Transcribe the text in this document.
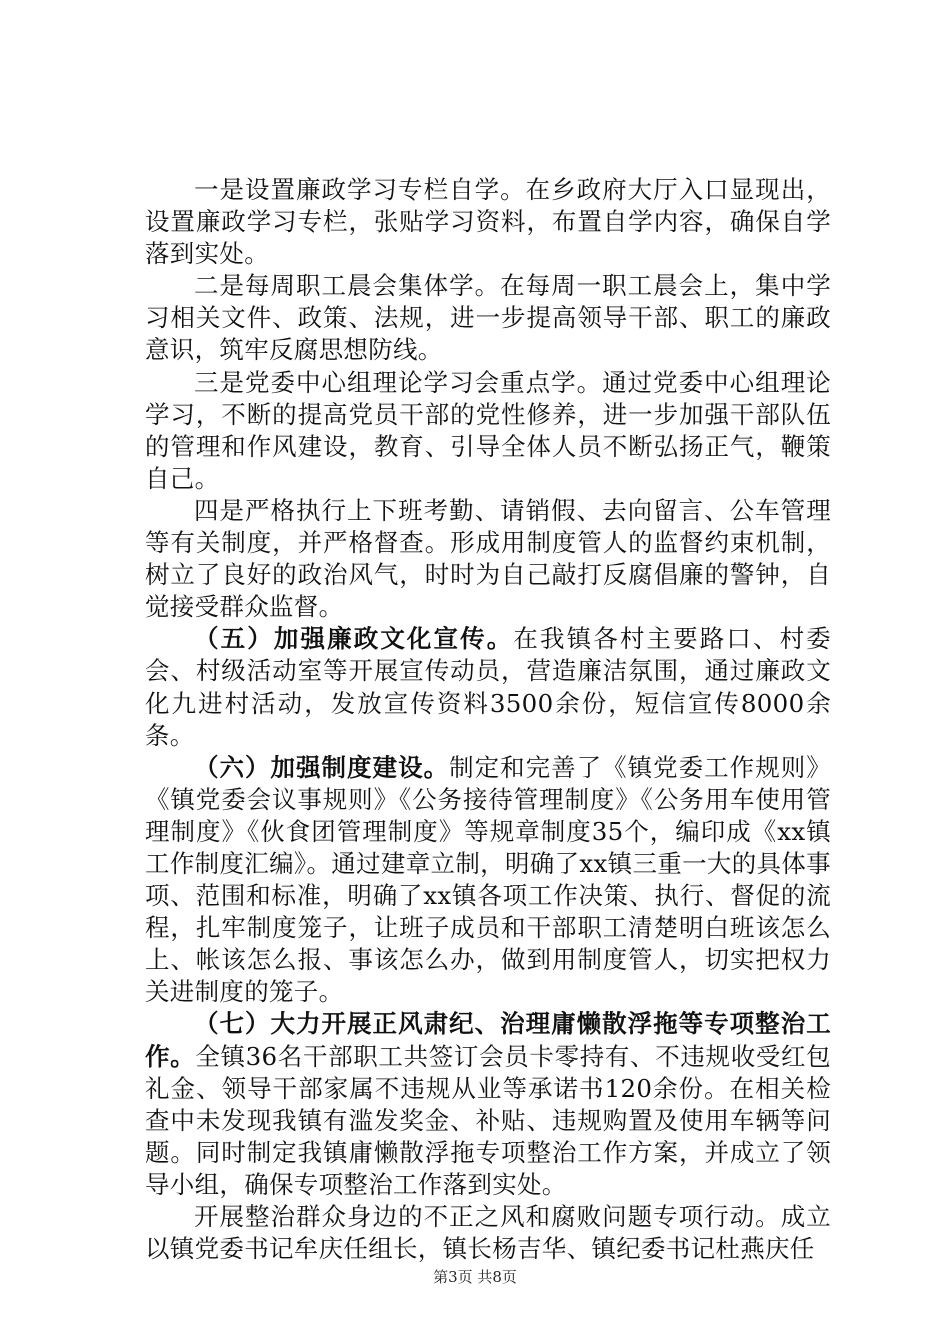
一是设置廉政学习专栏自学。在乡政府大厅入口显现出，设置廉政学习专栏，张贴学习资料，布置自学内容，确保自学落到实处。

二是每周职工晨会集体学。在每周一职工晨会上，集中学习相关文件、政策、法规，进一步提高领导干部、职工的廉政意识，筑牢反腐思想防线。

三是党委中心组理论学习会重点学。通过党委中心组理论学习，不断的提高党员干部的党性修养，进一步加强干部队伍的管理和作风建设，教育、引导全体人员不断弘扬正气，鞭策自己。

四是严格执行上下班考勤、请销假、去向留言、公车管理等有关制度，并严格督查。形成用制度管人的监督约束机制，树立了良好的政治风气，时时为自己敲打反腐倡廉的警钟，自觉接受群众监督。

（五）加强廉政文化宣传。在我镇各村主要路口、村委会、村级活动室等开展宣传动员，营造廉洁氛围，通过廉政文化九进村活动，发放宣传资料3500余份，短信宣传8000余条。

（六）加强制度建设。制定和完善了《镇党委工作规则》《镇党委会议事规则》《公务接待管理制度》《公务用车使用管理制度》《伙食团管理制度》等规章制度35个，编印成《xx镇工作制度汇编》。通过建章立制，明确了xx镇三重一大的具体事项、范围和标准，明确了xx镇各项工作决策、执行、督促的流程，扎牢制度笼子，让班子成员和干部职工清楚明白班该怎么上、帐该怎么报、事该怎么办，做到用制度管人，切实把权力关进制度的笼子。

（七）大力开展正风肃纪、治理庸懒散浮拖等专项整治工作。全镇36名干部职工共签订会员卡零持有、不违规收受红包礼金、领导干部家属不违规从业等承诺书120余份。在相关检查中未发现我镇有滥发奖金、补贴、违规购置及使用车辆等问题。同时制定我镇庸懒散浮拖专项整治工作方案，并成立了领导小组，确保专项整治工作落到实处。

开展整治群众身边的不正之风和腐败问题专项行动。成立以镇党委书记牟庆任组长，镇长杨吉华、镇纪委书记杜燕庆任

第3页 共8页
